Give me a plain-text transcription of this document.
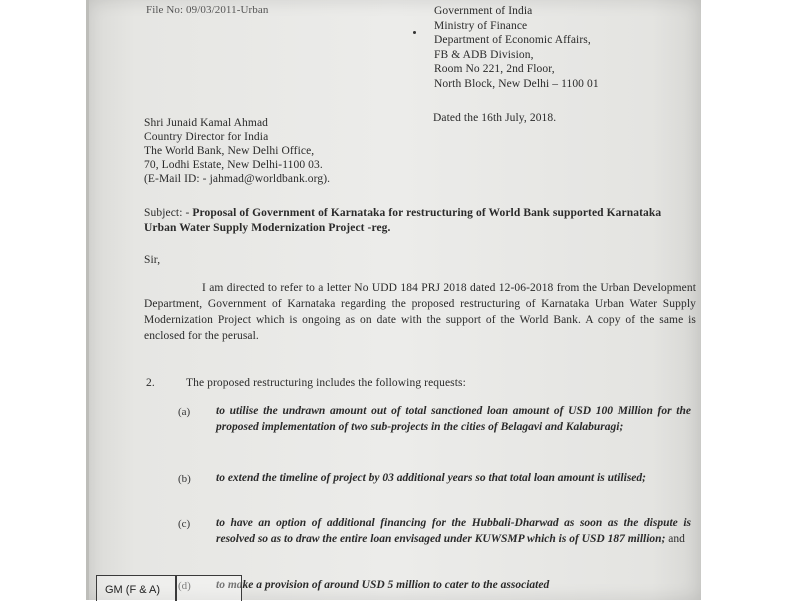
File No: 09/03/2011-Urban	Government of India
Ministry of Finance
Department of Economic Affairs,
FB & ADB Division,
Room No 221, 2nd Floor,
North Block, New Delhi – 1100 01
Shri Junaid Kamal Ahmad
Country Director for India
The World Bank, New Delhi Office,
70, Lodhi Estate, New Delhi-1100 03.
(E-Mail ID: - jahmad@worldbank.org).
Dated the 16th July, 2018.
Subject: - Proposal of Government of Karnataka for restructuring of World Bank supported Karnataka Urban Water Supply Modernization Project -reg.
Sir,
I am directed to refer to a letter No UDD 184 PRJ 2018 dated 12-06-2018 from the Urban Development Department, Government of Karnataka regarding the proposed restructuring of Karnataka Urban Water Supply Modernization Project which is ongoing as on date with the support of the World Bank. A copy of the same is enclosed for the perusal.
2.	The proposed restructuring includes the following requests:
(a) to utilise the undrawn amount out of total sanctioned loan amount of USD 100 Million for the proposed implementation of two sub-projects in the cities of Belagavi and Kalaburagi;
(b) to extend the timeline of project by 03 additional years so that total loan amount is utilised;
(c) to have an option of additional financing for the Hubbali-Dharwad as soon as the dispute is resolved so as to draw the entire loan envisaged under KUWSMP which is of USD 187 million; and
(d) to make a provision of around USD 5 million to cater to the associated
GM (F & A)
